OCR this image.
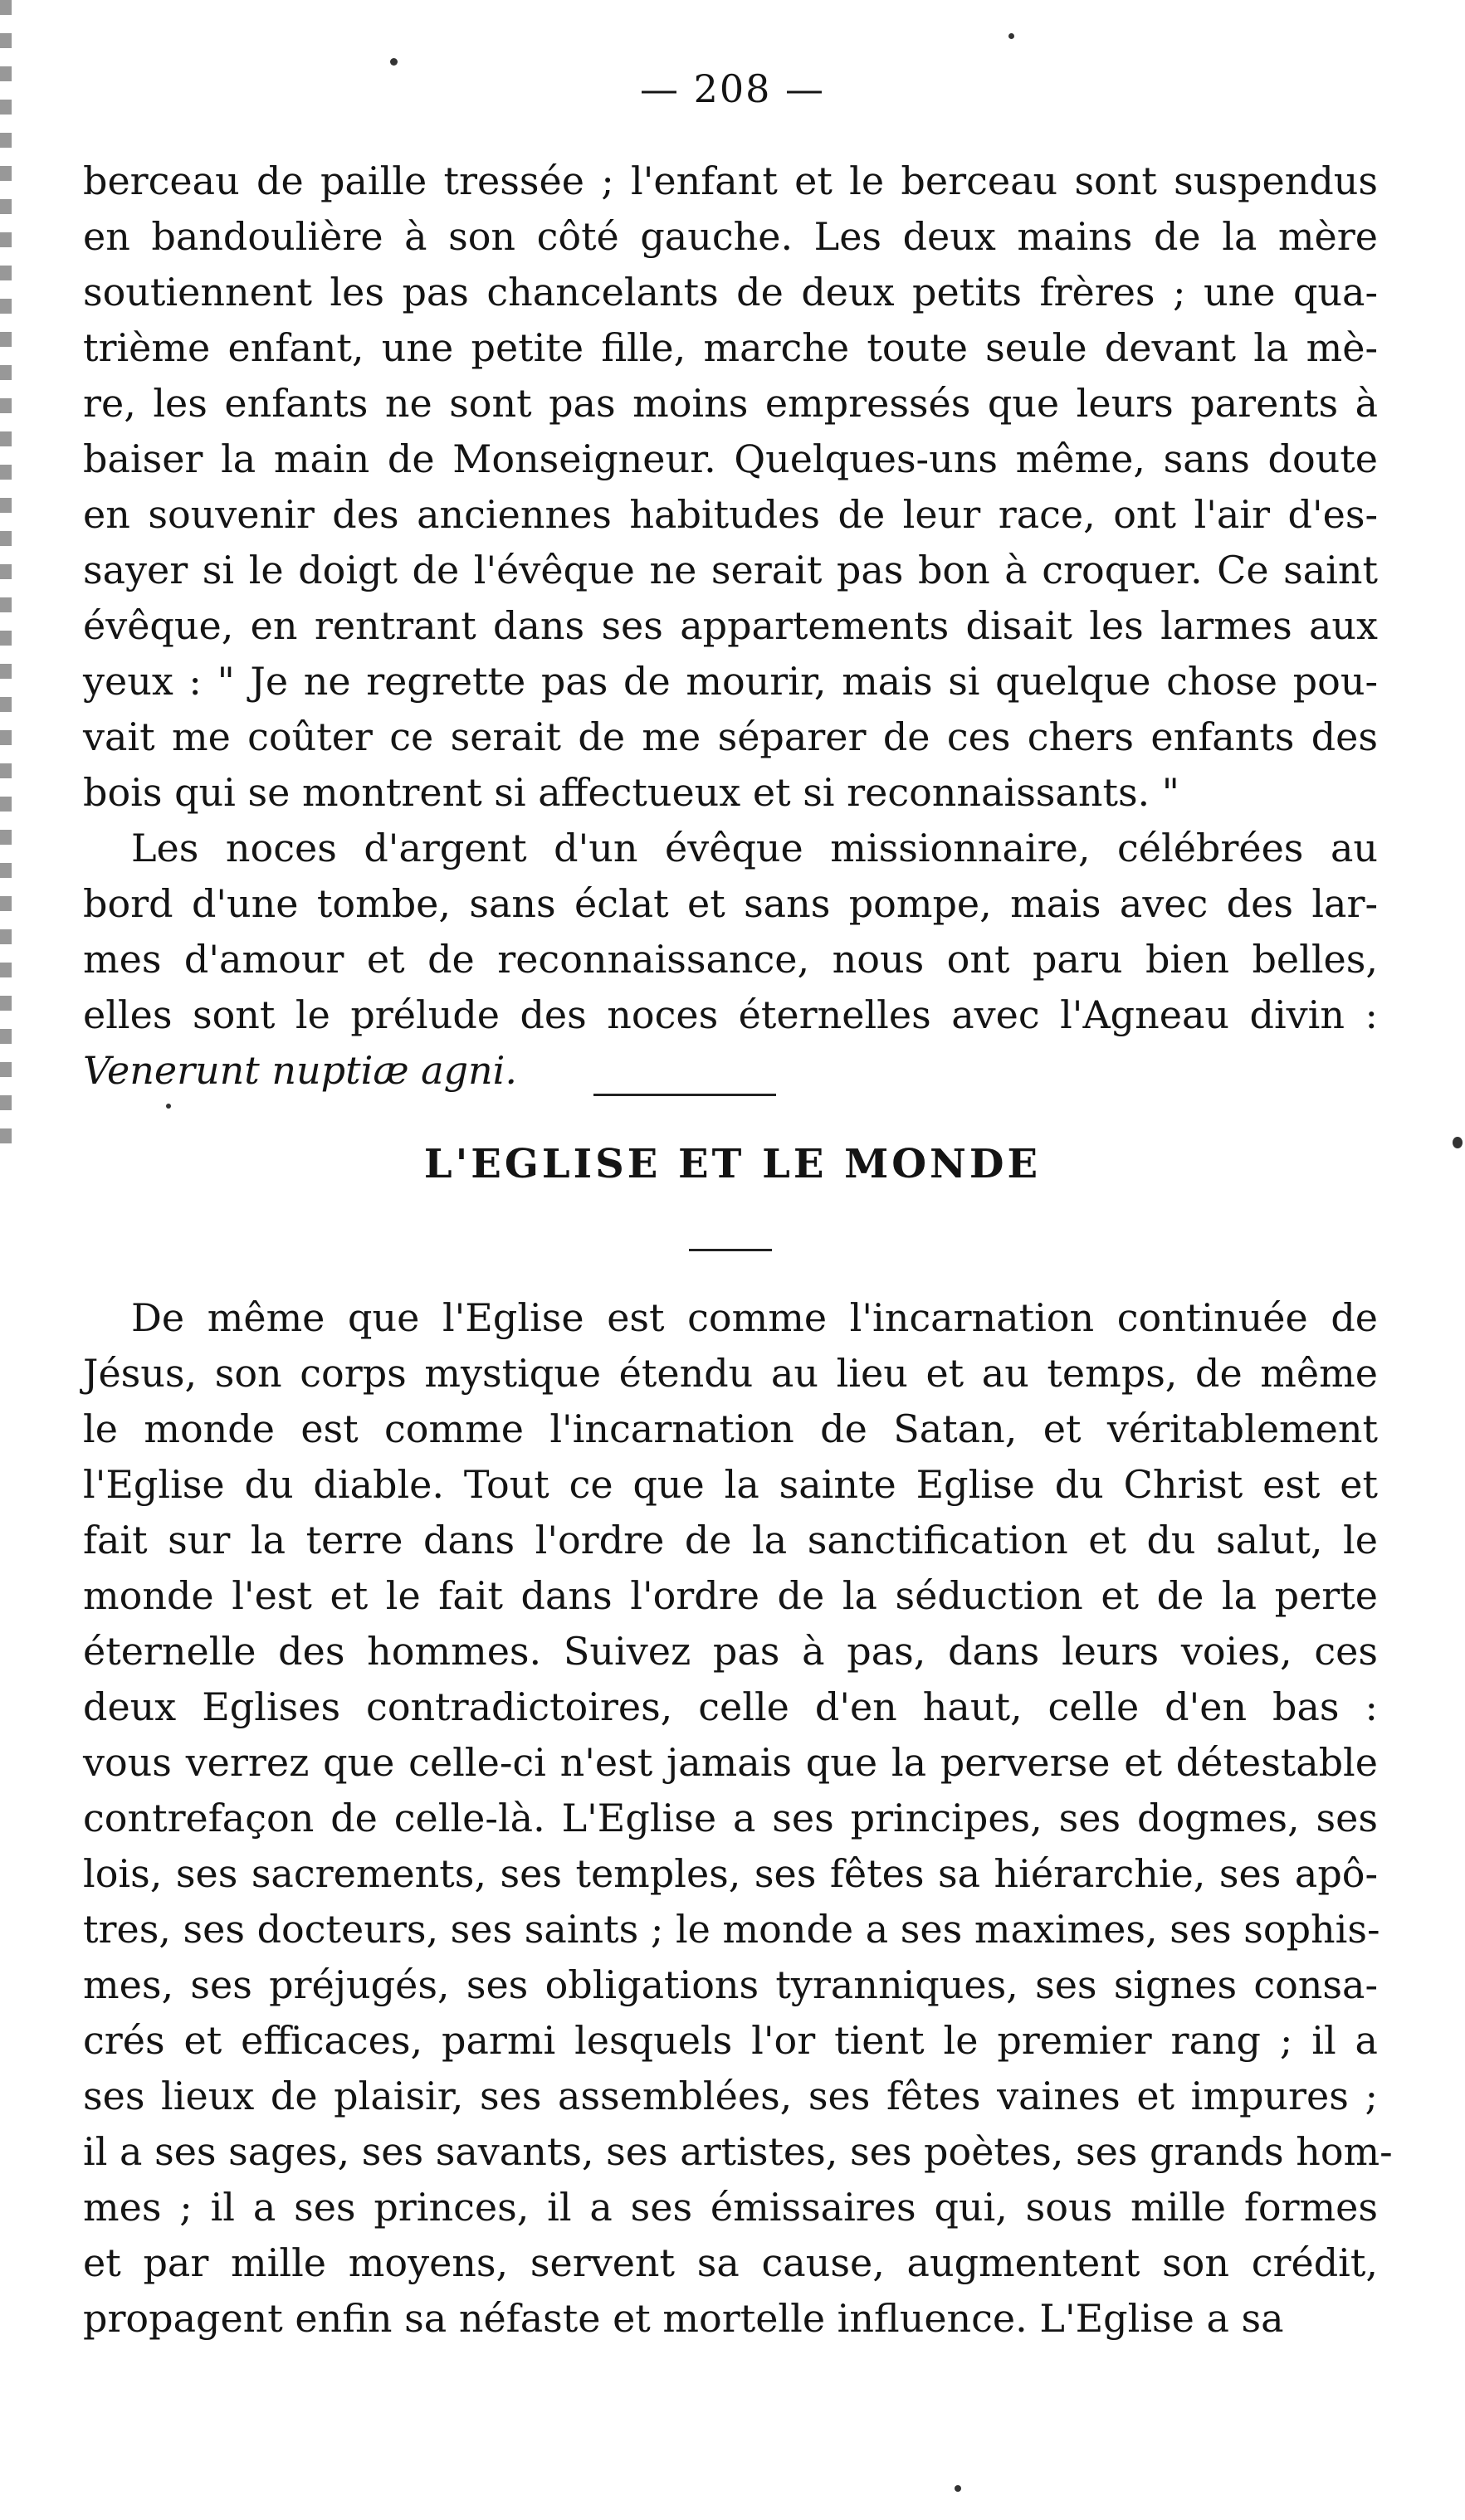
— 208 —
berceau de paille tressée ; l'enfant et le berceau sont suspendus
en bandoulière à son côté gauche. Les deux mains de la mère
soutiennent les pas chancelants de deux petits frères ; une qua-
trième enfant, une petite fille, marche toute seule devant la mè-
re, les enfants ne sont pas moins empressés que leurs parents à
baiser la main de Monseigneur. Quelques-uns même, sans doute
en souvenir des anciennes habitudes de leur race, ont l'air d'es-
sayer si le doigt de l'évêque ne serait pas bon à croquer. Ce saint
évêque, en rentrant dans ses appartements disait les larmes aux
yeux : " Je ne regrette pas de mourir, mais si quelque chose pou-
vait me coûter ce serait de me séparer de ces chers enfants des
bois qui se montrent si affectueux et si reconnaissants. "
Les noces d'argent d'un évêque missionnaire, célébrées au
bord d'une tombe, sans éclat et sans pompe, mais avec des lar-
mes d'amour et de reconnaissance, nous ont paru bien belles,
elles sont le prélude des noces éternelles avec l'Agneau divin :
Venerunt nuptiæ agni.
L'EGLISE ET LE MONDE
De même que l'Eglise est comme l'incarnation continuée de
Jésus, son corps mystique étendu au lieu et au temps, de même
le monde est comme l'incarnation de Satan, et véritablement
l'Eglise du diable. Tout ce que la sainte Eglise du Christ est et
fait sur la terre dans l'ordre de la sanctification et du salut, le
monde l'est et le fait dans l'ordre de la séduction et de la perte
éternelle des hommes. Suivez pas à pas, dans leurs voies, ces
deux Eglises contradictoires, celle d'en haut, celle d'en bas :
vous verrez que celle-ci n'est jamais que la perverse et détestable
contrefaçon de celle-là. L'Eglise a ses principes, ses dogmes, ses
lois, ses sacrements, ses temples, ses fêtes sa hiérarchie, ses apô-
tres, ses docteurs, ses saints ; le monde a ses maximes, ses sophis-
mes, ses préjugés, ses obligations tyranniques, ses signes consa-
crés et efficaces, parmi lesquels l'or tient le premier rang ; il a
ses lieux de plaisir, ses assemblées, ses fêtes vaines et impures ;
il a ses sages, ses savants, ses artistes, ses poètes, ses grands hom-
mes ; il a ses princes, il a ses émissaires qui, sous mille formes
et par mille moyens, servent sa cause, augmentent son crédit,
propagent enfin sa néfaste et mortelle influence. L'Eglise a sa
